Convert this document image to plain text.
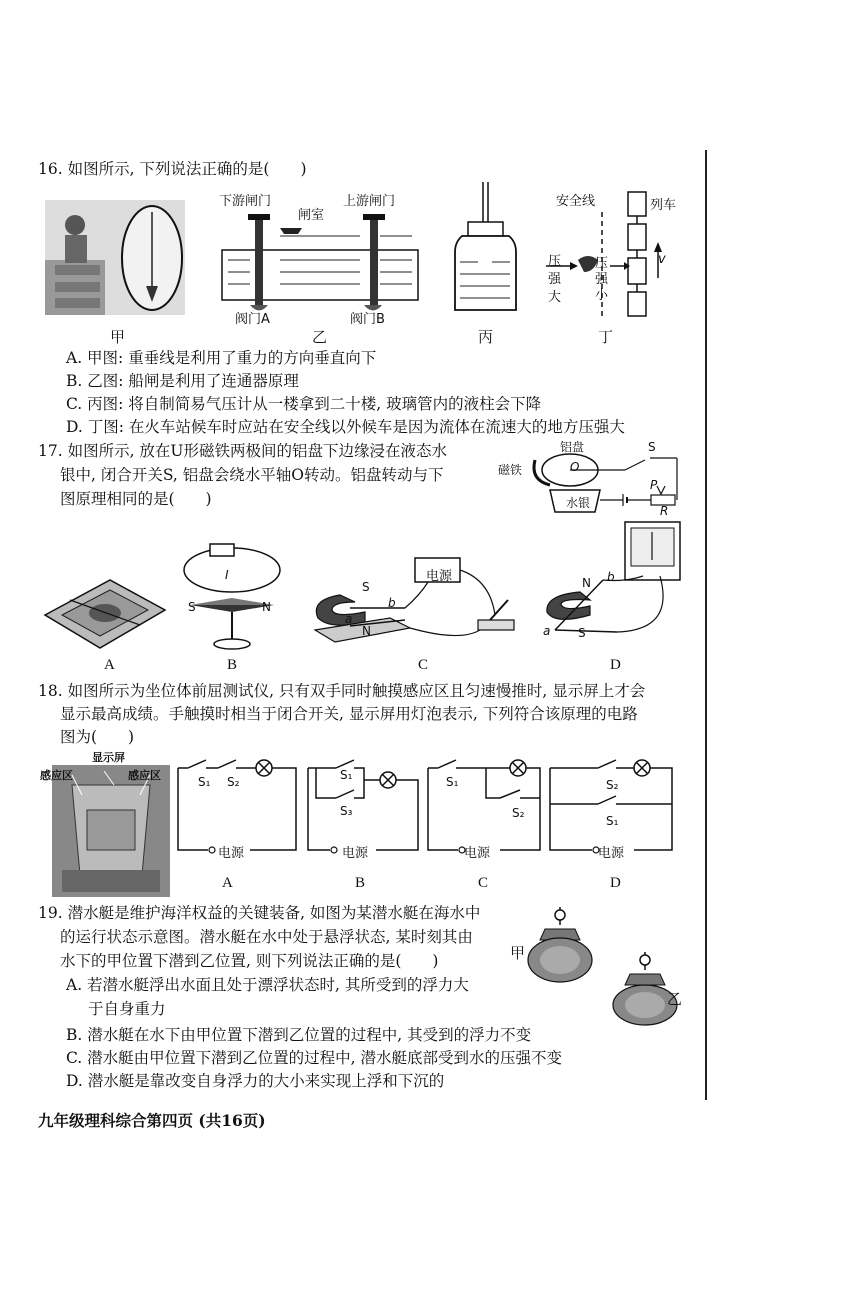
16. 如图所示, 下列说法正确的是(　　)
甲
下游闸门
闸室
上游闸门
阀门A	阀门B
乙	丙
安全线	列车
v
压
强
大
压
强
小
丁
A. 甲图: 重垂线是利用了重力的方向垂直向下
B. 乙图: 船闸是利用了连通器原理
C. 丙图: 将自制简易气压计从一楼拿到二十楼, 玻璃管内的液柱会下降
D. 丁图: 在火车站候车时应站在安全线以外候车是因为流体在流速大的地方压强大
17. 如图所示, 放在U形磁铁两极间的铝盘下边缘浸在液态水
银中, 闭合开关S, 铝盘会绕水平轴O转动。铝盘转动与下
图原理相同的是(　　)
铝盘
磁铁
水银
S
O
P
R
A
I
S	N
B
电源
S
N
a
b
C
N
S
a
b
D
18. 如图所示为坐位体前屈测试仪, 只有双手同时触摸感应区且匀速慢推时, 显示屏上才会
显示最高成绩。手触摸时相当于闭合开关, 显示屏用灯泡表示, 下列符合该原理的电路
图为(　　)
显示屏
感应区	感应区	S₁ S₂
电源
A
S₁
S₃
电源
B
S₁
S₂
电源
C
S₂
S₁
电源
D
19. 潜水艇是维护海洋权益的关键装备, 如图为某潜水艇在海水中
的运行状态示意图。潜水艇在水中处于悬浮状态, 某时刻其由
水下的甲位置下潜到乙位置, 则下列说法正确的是(　　)
A. 若潜水艇浮出水面且处于漂浮状态时, 其所受到的浮力大
于自身重力
B. 潜水艇在水下由甲位置下潜到乙位置的过程中, 其受到的浮力不变
C. 潜水艇由甲位置下潜到乙位置的过程中, 潜水艇底部受到水的压强不变
D. 潜水艇是靠改变自身浮力的大小来实现上浮和下沉的
甲
乙
九年级理科综合第四页 (共16页)
